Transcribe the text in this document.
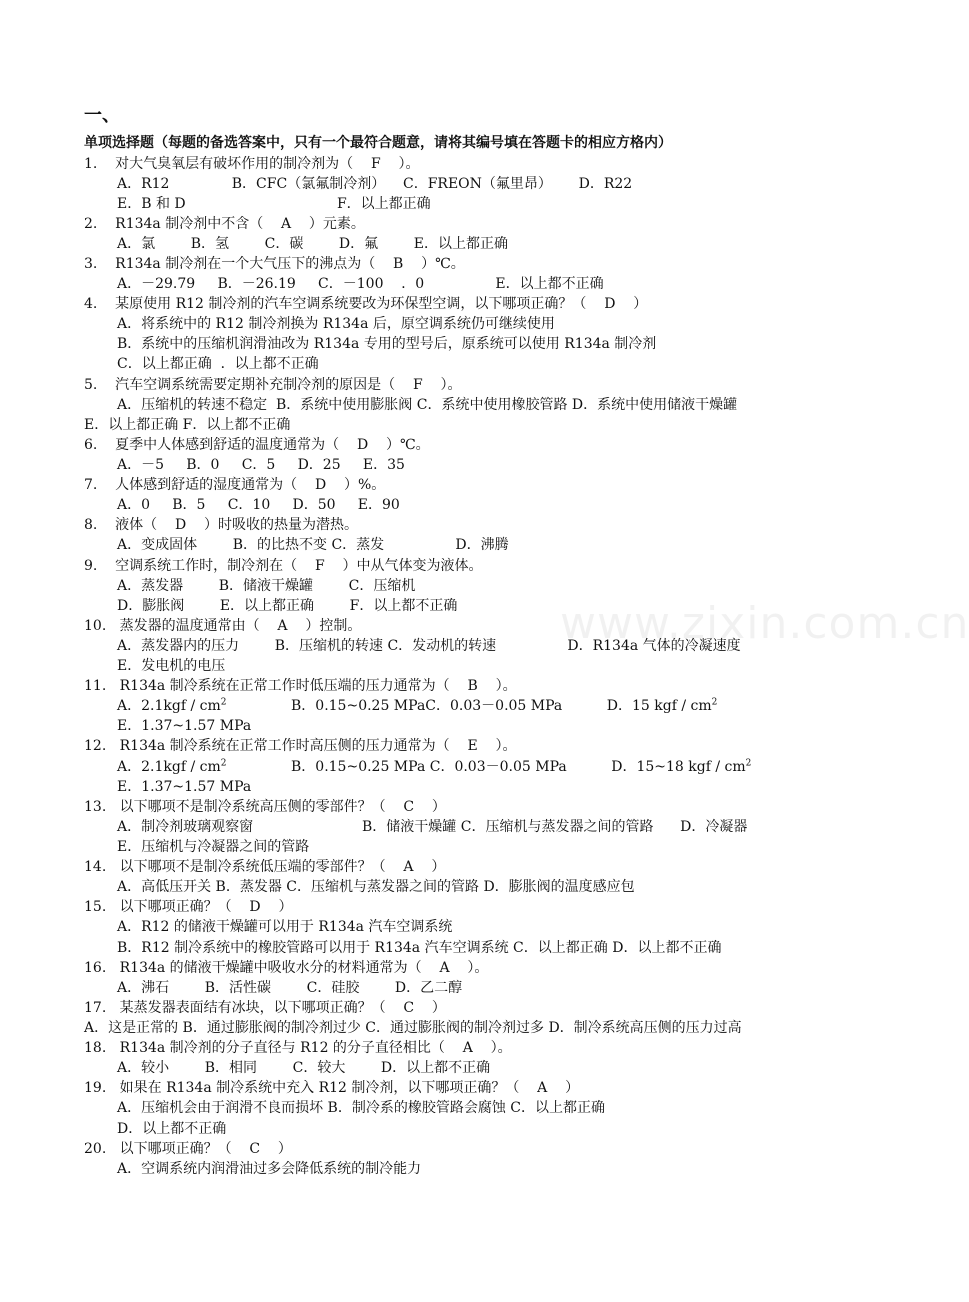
一、
单项选择题（每题的备选答案中，只有一个最符合题意，请将其编号填在答题卡的相应方格内）
1.    对大气臭氧层有破坏作用的制冷剂为（    F    ）。
A．R12              B．CFC（氯氟制冷剂）    C．FREON（氟里昂）      D．R22
E．B 和 D                                  F．以上都正确
2.    R134a 制冷剂中不含（    A    ）元素。
A．氯        B．氢        C．碳        D．氟        E．以上都正确
3.    R134a 制冷剂在一个大气压下的沸点为（    B    ）℃。
A．－29.79     B．－26.19     C．－100    ．0                E．以上都不正确
4.    某原使用 R12 制冷剂的汽车空调系统要改为环保型空调，以下哪项正确？（    D    ）
A．将系统中的 R12 制冷剂换为 R134a 后，原空调系统仍可继续使用
B．系统中的压缩机润滑油改为 R134a 专用的型号后，原系统可以使用 R134a 制冷剂
C．以上都正确  ．以上都不正确
5.    汽车空调系统需要定期补充制冷剂的原因是（    F    ）。
A．压缩机的转速不稳定  B．系统中使用膨胀阀 C．系统中使用橡胶管路 D．系统中使用储液干燥罐
E．以上都正确 F．以上都不正确
6.    夏季中人体感到舒适的温度通常为（    D    ）℃。
A．－5     B．0     C．5     D．25     E．35
7.    人体感到舒适的湿度通常为（    D    ）%。
A．0     B．5     C．10     D．50     E．90
8.    液体（    D    ）时吸收的热量为潜热。
A．变成固体        B．的比热不变 C．蒸发                D．沸腾
9.    空调系统工作时，制冷剂在（    F    ）中从气体变为液体。
A．蒸发器        B．储液干燥罐        C．压缩机
D．膨胀阀        E．以上都正确        F．以上都不正确
10.   蒸发器的温度通常由（    A    ）控制。
A．蒸发器内的压力        B．压缩机的转速 C．发动机的转速                D．R134a 气体的冷凝速度
E．发电机的电压
11.   R134a 制冷系统在正常工作时低压端的压力通常为（    B    ）。
A．$2.1kgf / cm^2$	B．0.15~0.25 MPaC．0.03－0.05 MPa          D．15 kgf / $cm^2$
E．1.37~1.57 MPa
12.   R134a 制冷系统在正常工作时高压侧的压力通常为（    E    ）。
A．$2.1kgf / cm^2$	B．0.15~0.25 MPa C．0.03－0.05 MPa          D．15~18 kgf / $cm^2$
E．1.37~1.57 MPa
13.   以下哪项不是制冷系统高压侧的零部件？（    C    ）
A．制冷剂玻璃观察窗	B．储液干燥罐 C．压缩机与蒸发器之间的管路      D．冷凝器
E．压缩机与冷凝器之间的管路
14.   以下哪项不是制冷系统低压端的零部件？（    A    ）
A．高低压开关 B．蒸发器 C．压缩机与蒸发器之间的管路 D．膨胀阀的温度感应包
15.   以下哪项正确？（    D    ）
A．R12 的储液干燥罐可以用于 R134a 汽车空调系统
B．R12 制冷系统中的橡胶管路可以用于 R134a 汽车空调系统 C．以上都正确 D．以上都不正确
16.   R134a 的储液干燥罐中吸收水分的材料通常为（    A    ）。
A．沸石        B．活性碳        C．硅胶        D．乙二醇
17.   某蒸发器表面结有冰块，以下哪项正确？（    C    ）
A．这是正常的 B．通过膨胀阀的制冷剂过少 C．通过膨胀阀的制冷剂过多 D．制冷系统高压侧的压力过高
18.   R134a 制冷剂的分子直径与 R12 的分子直径相比（    A    ）。
A．较小        B．相同        C．较大        D．以上都不正确
19.   如果在 R134a 制冷系统中充入 R12 制冷剂，以下哪项正确？（    A    ）
A．压缩机会由于润滑不良而损坏 B．制冷系的橡胶管路会腐蚀 C．以上都正确
D．以上都不正确
20.   以下哪项正确？（    C    ）
A．空调系统内润滑油过多会降低系统的制冷能力
www.zixin.com.cn
